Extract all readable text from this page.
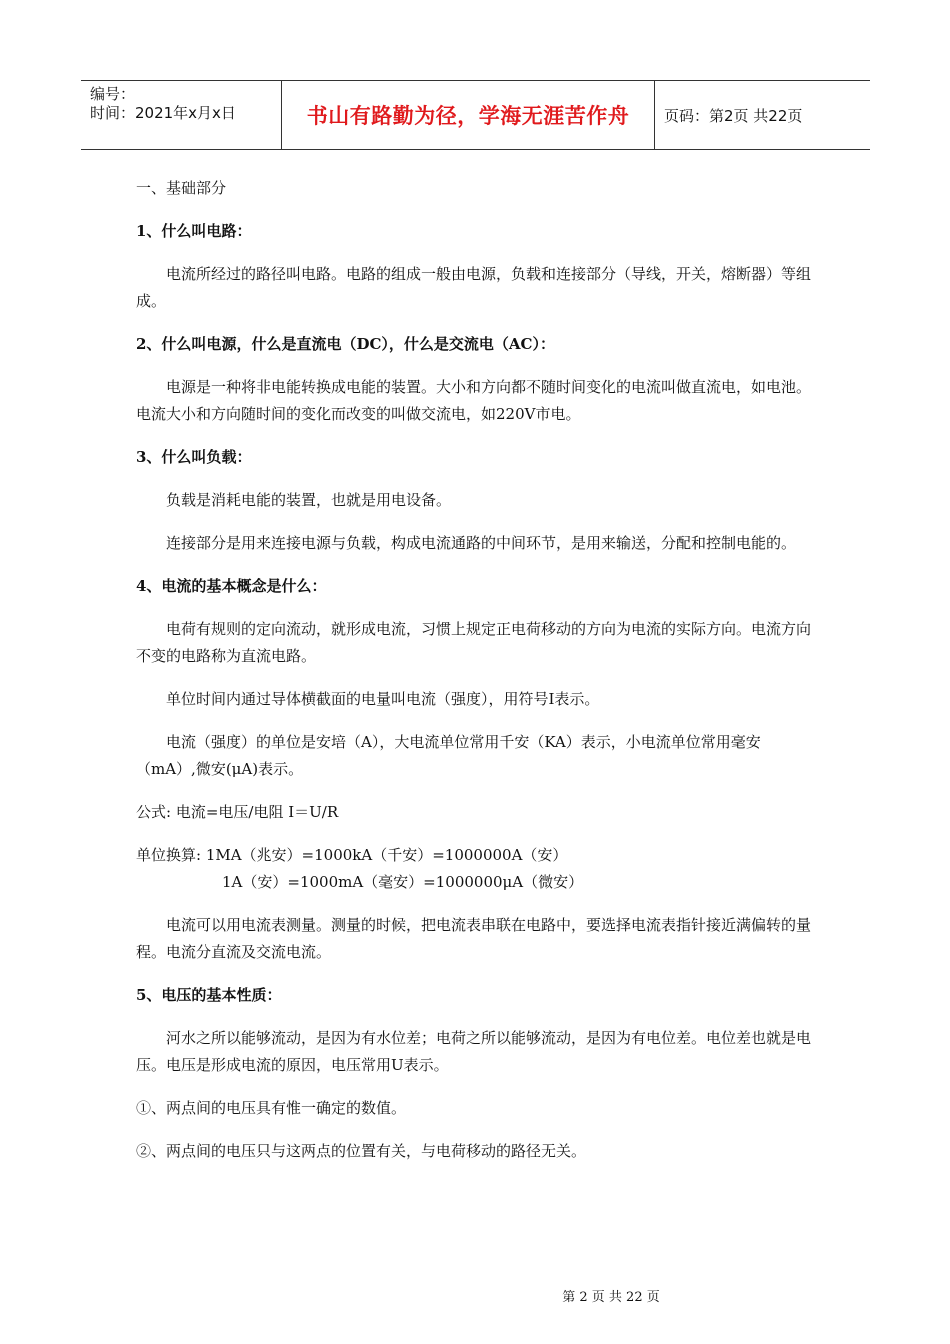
编号：
时间：2021年x月x日	书山有路勤为径，学海无涯苦作舟	页码：第2页 共22页

一、基础部分

1、什么叫电路：

电流所经过的路径叫电路。电路的组成一般由电源，负载和连接部分（导线，开关，熔断器）等组成。

2、什么叫电源，什么是直流电（DC），什么是交流电（AC）：

电源是一种将非电能转换成电能的装置。大小和方向都不随时间变化的电流叫做直流电，如电池。电流大小和方向随时间的变化而改变的叫做交流电，如220V市电。

3、什么叫负载：

负载是消耗电能的装置，也就是用电设备。

连接部分是用来连接电源与负载，构成电流通路的中间环节，是用来输送，分配和控制电能的。

4、电流的基本概念是什么：

电荷有规则的定向流动，就形成电流，习惯上规定正电荷移动的方向为电流的实际方向。电流方向不变的电路称为直流电路。

单位时间内通过导体横截面的电量叫电流（强度），用符号I表示。

电流（强度）的单位是安培（A），大电流单位常用千安（KA）表示，小电流单位常用毫安（mA）,微安(μA)表示。

公式: 电流=电压/电阻 I＝U/R

单位换算: 1MA（兆安）=1000kA（千安）=1000000A（安）

1A（安）=1000mA（毫安）=1000000μA（微安）

电流可以用电流表测量。测量的时候，把电流表串联在电路中，要选择电流表指针接近满偏转的量程。电流分直流及交流电流。

5、电压的基本性质：

河水之所以能够流动，是因为有水位差；电荷之所以能够流动，是因为有电位差。电位差也就是电压。电压是形成电流的原因，电压常用U表示。

①、两点间的电压具有惟一确定的数值。

②、两点间的电压只与这两点的位置有关，与电荷移动的路径无关。

第 2 页 共 22 页
